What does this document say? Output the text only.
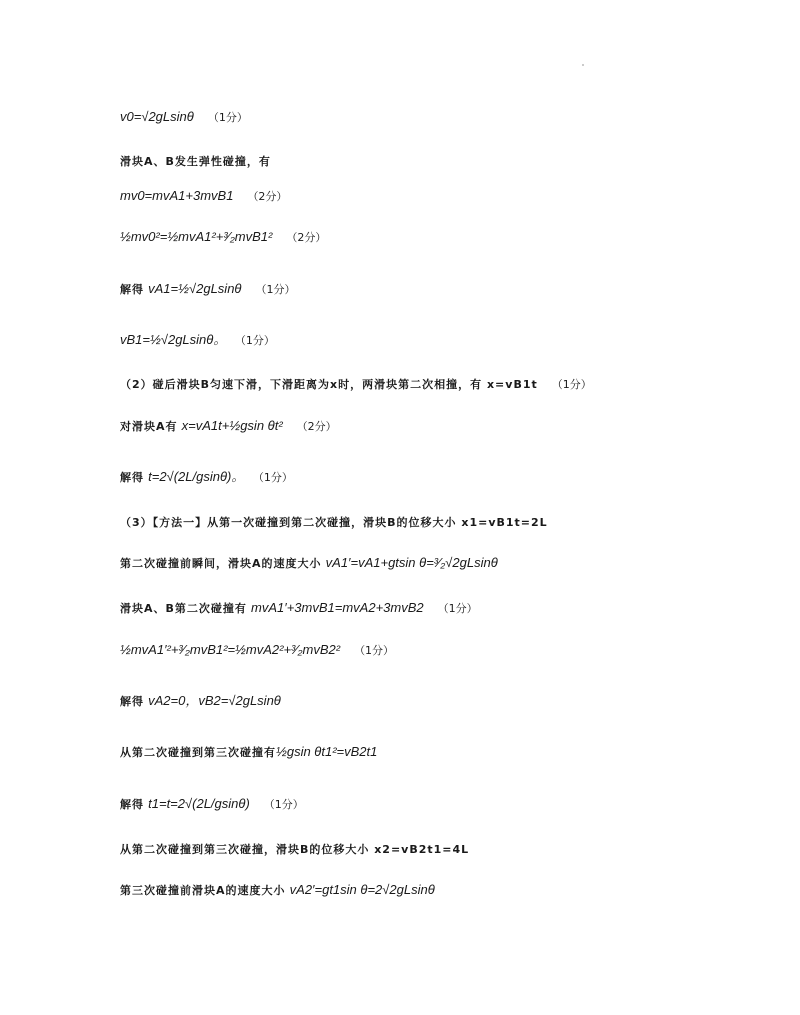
v0=√2gLsinθ （1分）
滑块A、B发生弹性碰撞，有
mv0=mvA1+3mvB1 （2分）
½mv0²=½mvA1²+³⁄₂mvB1² （2分）
解得 vA1=½√2gLsinθ （1分）
vB1=½√2gLsinθ。 （1分）
（2）碰后滑块B匀速下滑，下滑距离为x时，两滑块第二次相撞，有 x=vB1t （1分）
对滑块A有 x=vA1t+½gsin θt² （2分）
解得 t=2√(2L/gsinθ)。 （1分）
（3）【方法一】从第一次碰撞到第二次碰撞，滑块B的位移大小 x1=vB1t=2L
第二次碰撞前瞬间，滑块A的速度大小 vA1′=vA1+gtsin θ=³⁄₂√2gLsinθ
滑块A、B第二次碰撞有 mvA1′+3mvB1=mvA2+3mvB2 （1分）
½mvA1′²+³⁄₂mvB1²=½mvA2²+³⁄₂mvB2² （1分）
解得 vA2=0，vB2=√2gLsinθ
从第二次碰撞到第三次碰撞有½gsin θt1²=vB2t1
解得 t1=t=2√(2L/gsinθ) （1分）
从第二次碰撞到第三次碰撞，滑块B的位移大小 x2=vB2t1=4L
第三次碰撞前滑块A的速度大小 vA2′=gt1sin θ=2√2gLsinθ
